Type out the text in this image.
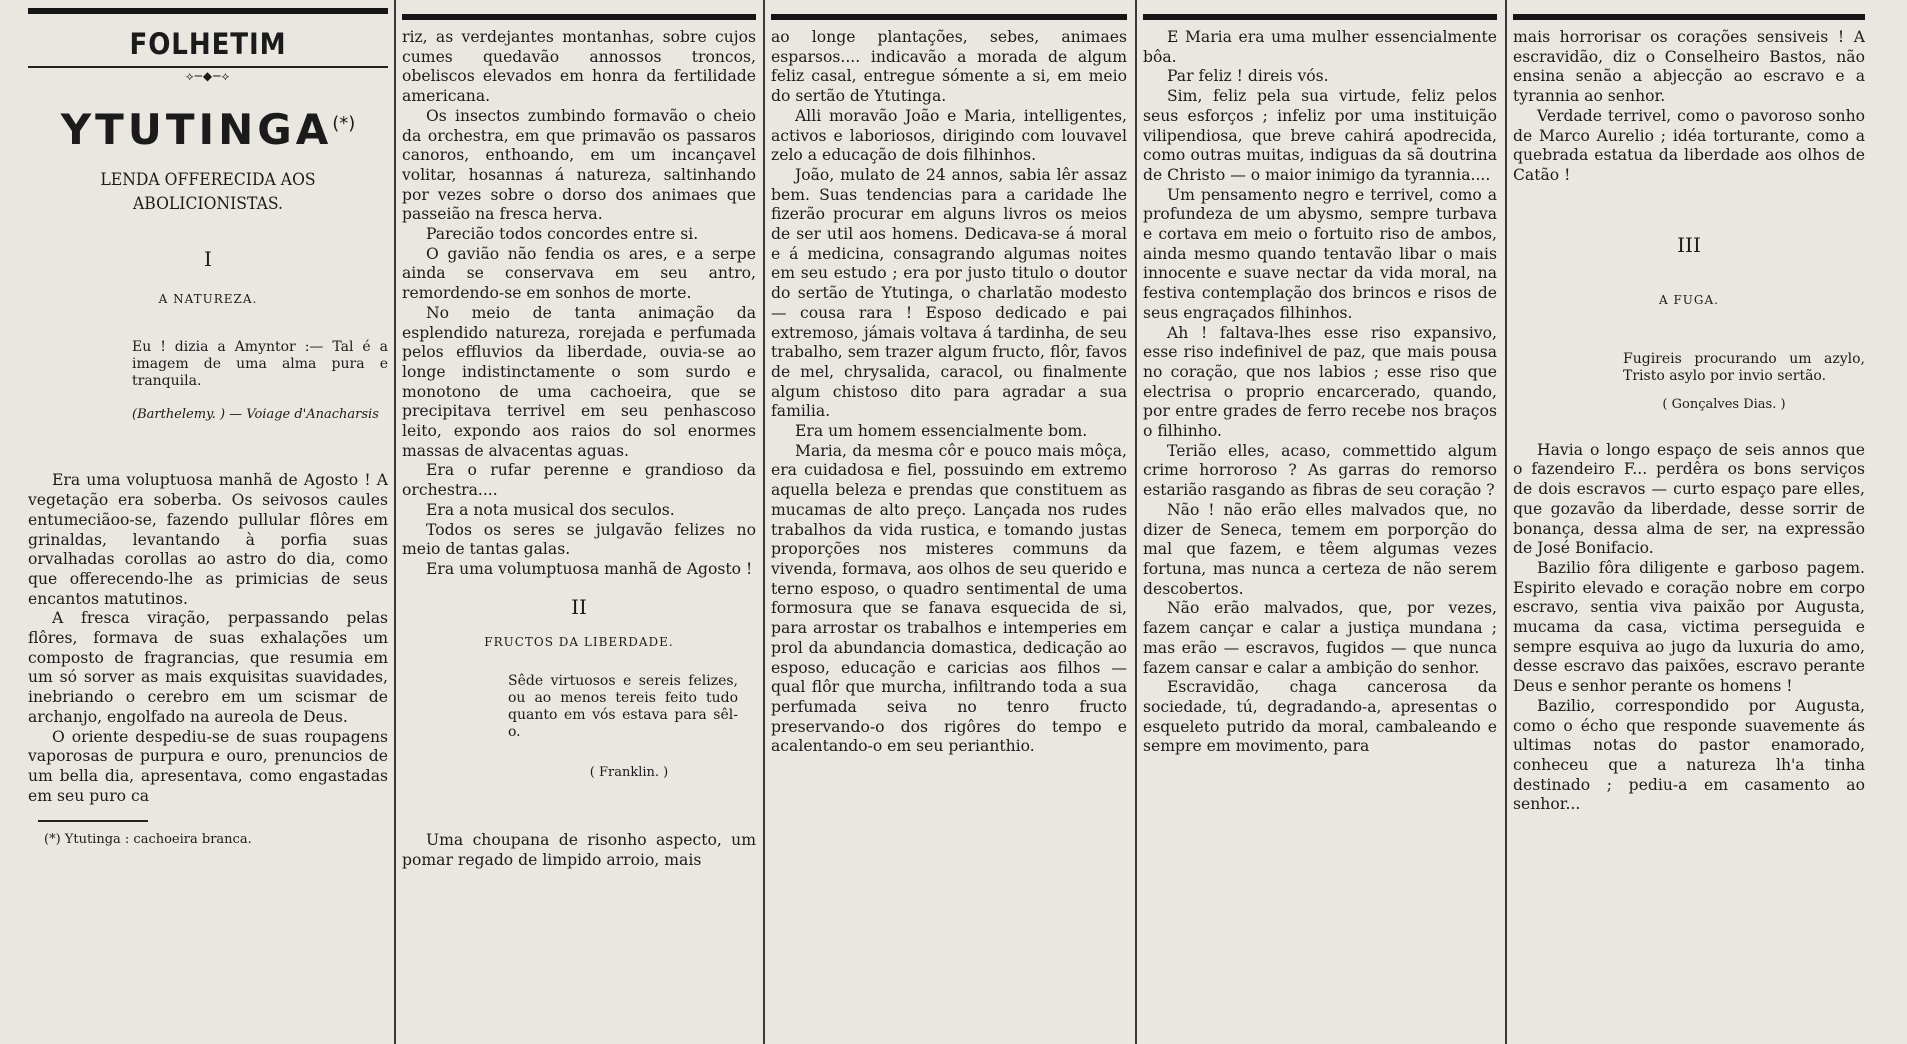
FOLHETIM
⟡─◆─⟡
YTUTINGA(*)
LENDA OFFERECIDA AOS ABOLICIONISTAS.
I
A NATUREZA.
Eu ! dizia a Amyntor :— Tal é a imagem de uma alma pura e tranquila.
(Barthelemy. ) — Voiage d'Anacharsis

Era uma voluptuosa manhã de Agosto ! A vegetação era soberba. Os seivosos caules entumeciãoo-se, fazendo pullular flôres em grinaldas, levantando à porfia suas orvalhadas corollas ao astro do dia, como que offerecendo-lhe as primicias de seus encantos matutinos.

A fresca viração, perpassando pelas flôres, formava de suas exhalações um composto de fragrancias, que resumia em um só sorver as mais exquisitas suavidades, inebriando o cerebro em um scismar de archanjo, engolfado na aureola de Deus.

O oriente despediu-se de suas roupagens vaporosas de purpura e ouro, prenuncios de um bella dia, apresentava, como engastadas em seu puro ca

(*) Ytutinga : cachoeira branca.

riz, as verdejantes montanhas, sobre cujos cumes quedavão annossos troncos, obeliscos elevados em honra da fertilidade americana.

Os insectos zumbindo formavão o cheio da orchestra, em que primavão os passaros canoros, enthoando, em um incançavel volitar, hosannas á natureza, saltinhando por vezes sobre o dorso dos animaes que passeião na fresca herva.

Parecião todos concordes entre si.

O gavião não fendia os ares, e a serpe ainda se conservava em seu antro, remordendo-se em sonhos de morte.

No meio de tanta animação da esplendido natureza, rorejada e perfumada pelos effluvios da liberdade, ouvia-se ao longe indistinctamente o som surdo e monotono de uma cachoeira, que se precipitava terrivel em seu penhascoso leito, expondo aos raios do sol enormes massas de alvacentas aguas.

Era o rufar perenne e grandioso da orchestra....

Era a nota musical dos seculos.

Todos os seres se julgavão felizes no meio de tantas galas.

Era uma volumptuosa manhã de Agosto !

II
FRUCTOS DA LIBERDADE.
Sêde virtuosos e sereis felizes, ou ao menos tereis feito tudo quanto em vós estava para sêl-o.
( Franklin. )

Uma choupana de risonho aspecto, um pomar regado de limpido arroio, mais

ao longe plantações, sebes, animaes esparsos.... indicavão a morada de algum feliz casal, entregue sómente a si, em meio do sertão de Ytutinga.

Alli moravão João e Maria, intelligentes, activos e laboriosos, dirigindo com louvavel zelo a educação de dois filhinhos.

João, mulato de 24 annos, sabia lêr assaz bem. Suas tendencias para a caridade lhe fizerão procurar em alguns livros os meios de ser util aos homens. Dedicava-se á moral e á medicina, consagrando algumas noites em seu estudo ; era por justo titulo o doutor do sertão de Ytutinga, o charlatão modesto — cousa rara ! Esposo dedicado e pai extremoso, jámais voltava á tardinha, de seu trabalho, sem trazer algum fructo, flôr, favos de mel, chrysalida, caracol, ou finalmente algum chistoso dito para agradar a sua familia.

Era um homem essencialmente bom.

Maria, da mesma côr e pouco mais môça, era cuidadosa e fiel, possuindo em extremo aquella beleza e prendas que constituem as mucamas de alto preço. Lançada nos rudes trabalhos da vida rustica, e tomando justas proporções nos misteres communs da vivenda, formava, aos olhos de seu querido e terno esposo, o quadro sentimental de uma formosura que se fanava esquecida de si, para arrostar os trabalhos e intemperies em prol da abundancia domastica, dedicação ao esposo, educação e caricias aos filhos — qual flôr que murcha, infiltrando toda a sua perfumada seiva no tenro fructo preservando-o dos rigôres do tempo e acalentando-o em seu perianthio.

E Maria era uma mulher essencialmente bôa.

Par feliz ! direis vós.

Sim, feliz pela sua virtude, feliz pelos seus esforços ; infeliz por uma instituição vilipendiosa, que breve cahirá apodrecida, como outras muitas, indiguas da sã doutrina de Christo — o maior inimigo da tyrannia....

Um pensamento negro e terrivel, como a profundeza de um abysmo, sempre turbava e cortava em meio o fortuito riso de ambos, ainda mesmo quando tentavão libar o mais innocente e suave nectar da vida moral, na festiva contemplação dos brincos e risos de seus engraçados filhinhos.

Ah ! faltava-lhes esse riso expansivo, esse riso indefinivel de paz, que mais pousa no coração, que nos labios ; esse riso que electrisa o proprio encarcerado, quando, por entre grades de ferro recebe nos braços o filhinho.

Terião elles, acaso, commettido algum crime horroroso ? As garras do remorso estarião rasgando as fibras de seu coração ?

Não ! não erão elles malvados que, no dizer de Seneca, temem em porporção do mal que fazem, e têem algumas vezes fortuna, mas nunca a certeza de não serem descobertos.

Não erão malvados, que, por vezes, fazem cançar e calar a justiça mundana ; mas erão — escravos, fugidos — que nunca fazem cansar e calar a ambição do senhor.

Escravidão, chaga cancerosa da sociedade, tú, degradando-a, apresentas o esqueleto putrido da moral, cambaleando e sempre em movimento, para

mais horrorisar os corações sensiveis ! A escravidão, diz o Conselheiro Bastos, não ensina senão a abjecção ao escravo e a tyrannia ao senhor.

Verdade terrivel, como o pavoroso sonho de Marco Aurelio ; idéa torturante, como a quebrada estatua da liberdade aos olhos de Catão !

III
A FUGA.
Fugireis procurando um azylo, Tristo asylo por invio sertão.
( Gonçalves Dias. )

Havia o longo espaço de seis annos que o fazendeiro F... perdêra os bons serviços de dois escravos — curto espaço pare elles, que gozavão da liberdade, desse sorrir de bonança, dessa alma de ser, na expressão de José Bonifacio.

Bazilio fôra diligente e garboso pagem. Espirito elevado e coração nobre em corpo escravo, sentia viva paixão por Augusta, mucama da casa, victima perseguida e sempre esquiva ao jugo da luxuria do amo, desse escravo das paixões, escravo perante Deus e senhor perante os homens !

Bazilio, correspondido por Augusta, como o écho que responde suavemente ás ultimas notas do pastor enamorado, conheceu que a natureza lh'a tinha destinado ; pediu-a em casamento ao senhor...
